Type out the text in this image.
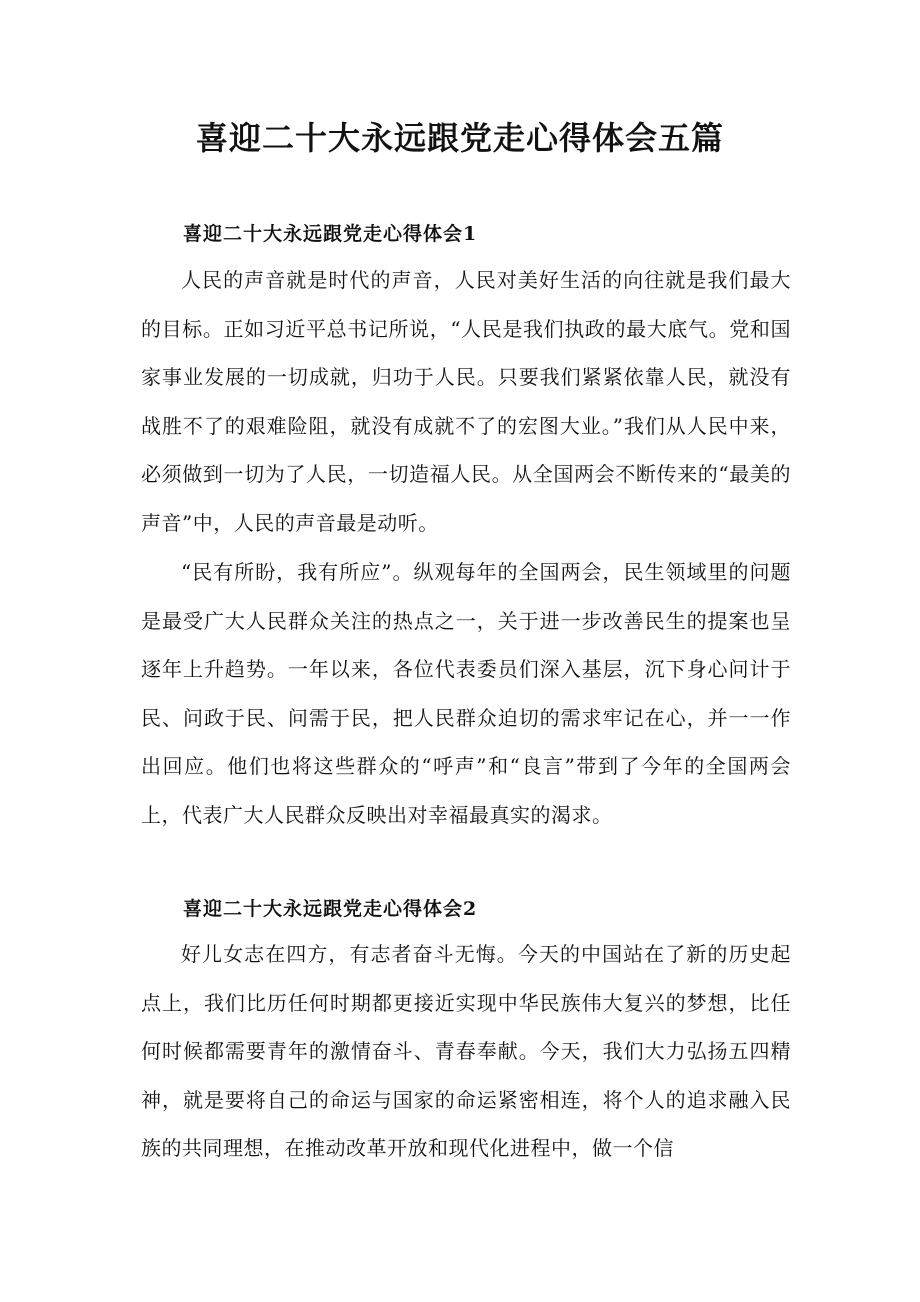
喜迎二十大永远跟党走心得体会五篇
喜迎二十大永远跟党走心得体会1

人民的声音就是时代的声音，人民对美好生活的向往就是我们最大的目标。正如习近平总书记所说，“人民是我们执政的最大底气。党和国家事业发展的一切成就，归功于人民。只要我们紧紧依靠人民，就没有战胜不了的艰难险阻，就没有成就不了的宏图大业。”我们从人民中来，必须做到一切为了人民，一切造福人民。从全国两会不断传来的“最美的声音”中，人民的声音最是动听。

“民有所盼，我有所应”。纵观每年的全国两会，民生领域里的问题是最受广大人民群众关注的热点之一，关于进一步改善民生的提案也呈逐年上升趋势。一年以来，各位代表委员们深入基层，沉下身心问计于民、问政于民、问需于民，把人民群众迫切的需求牢记在心，并一一作出回应。他们也将这些群众的“呼声”和“良言”带到了今年的全国两会上，代表广大人民群众反映出对幸福最真实的渴求。

喜迎二十大永远跟党走心得体会2

好儿女志在四方，有志者奋斗无悔。今天的中国站在了新的历史起点上，我们比历任何时期都更接近实现中华民族伟大复兴的梦想，比任何时候都需要青年的激情奋斗、青春奉献。今天，我们大力弘扬五四精神，就是要将自己的命运与国家的命运紧密相连，将个人的追求融入民族的共同理想，在推动改革开放和现代化进程中，做一个信
